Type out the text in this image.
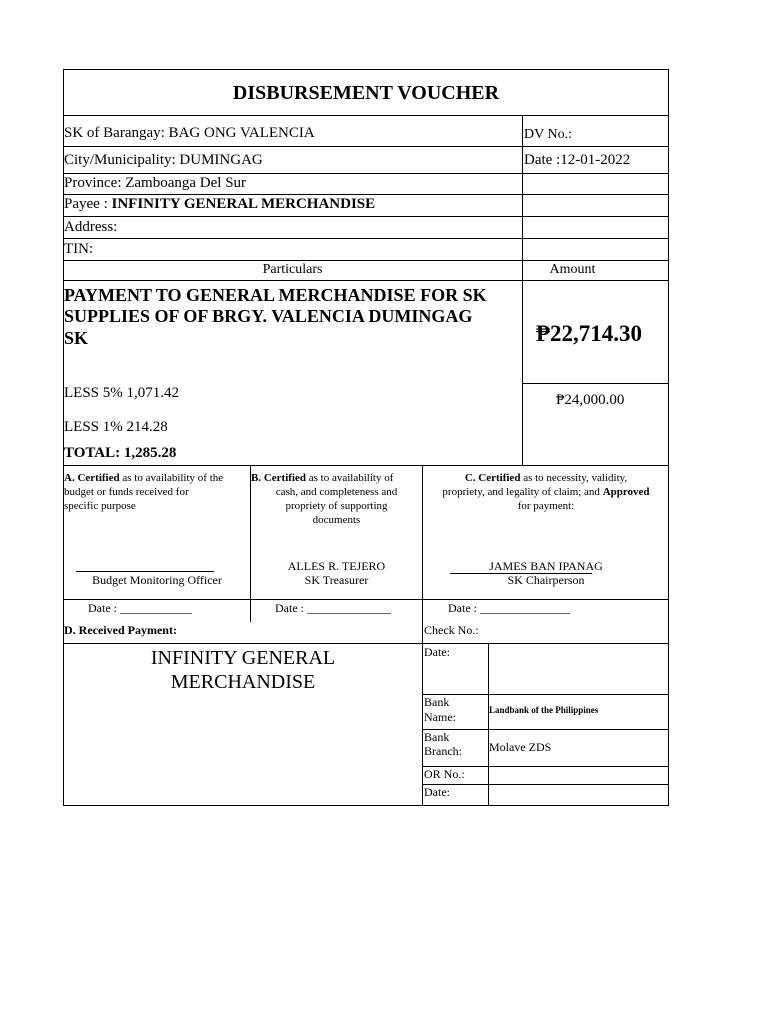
DISBURSEMENT VOUCHER
SK of Barangay: BAG ONG VALENCIA	DV No.:
City/Municipality: DUMINGAG	Date :12-01-2022
Province: Zamboanga Del Sur
Payee : INFINITY GENERAL MERCHANDISE
Address:
TIN:
Particulars	Amount
PAYMENT TO GENERAL MERCHANDISE FOR SK
SUPPLIES OF OF BRGY. VALENCIA DUMINGAG
SK	₱22,714.30
₱24,000.00
LESS 5% 1,071.42
LESS 1% 214.28
TOTAL: 1,285.28
A. Certified as to availability of the
budget or funds received for
specific purpose
Budget Monitoring Officer
B. Certified as to availability of
cash, and completeness and
propriety of supporting
documents
ALLES R. TEJERO
SK Treasurer
C. Certified as to necessity, validity,
propriety, and legality of claim; and Approved
for payment:
JAMES BAN IPANAG
SK Chairperson
Date : ____________	Date : ______________	Date : _______________
D. Received Payment:	Check No.:
INFINITY GENERAL
MERCHANDISE
Date:
Bank
Name:	Landbank of the Philippines
Bank
Branch: Molave ZDS
OR No.:
Date:
